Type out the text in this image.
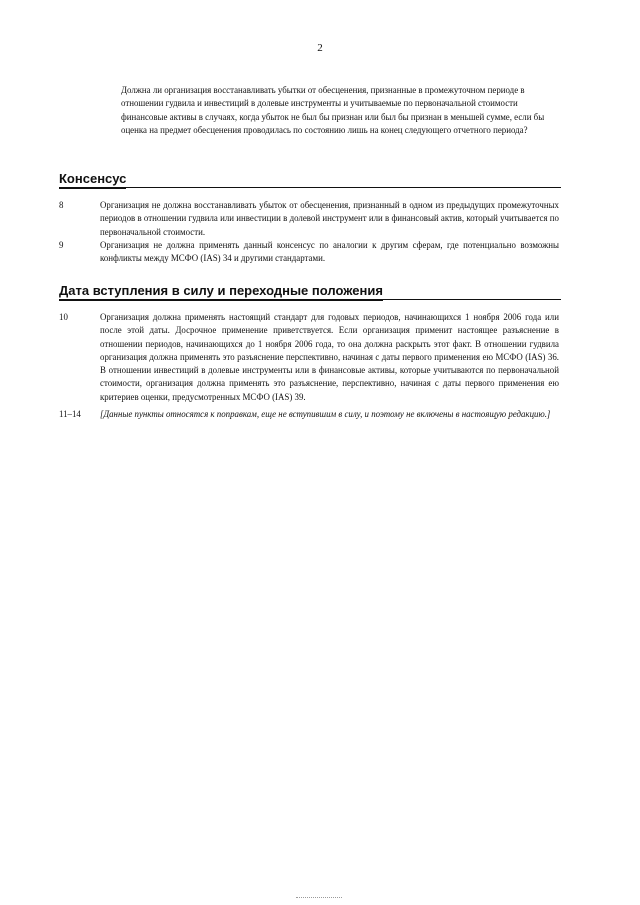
2
Должна ли организация восстанавливать убытки от обесценения, признанные в промежуточном периоде в отношении гудвила и инвестиций в долевые инструменты и учитываемые по первоначальной стоимости финансовые активы в случаях, когда убыток не был бы признан или был бы признан в меньшей сумме, если бы оценка на предмет обесценения проводилась по состоянию лишь на конец следующего отчетного периода?
Консенсус
8	Организация не должна восстанавливать убыток от обесценения, признанный в одном из предыдущих промежуточных периодов в отношении гудвила или инвестиции в долевой инструмент или в финансовый актив, который учитывается по первоначальной стоимости.
9	Организация не должна применять данный консенсус по аналогии к другим сферам, где потенциально возможны конфликты между МСФО (IAS) 34 и другими стандартами.
Дата вступления в силу и переходные положения
10	Организация должна применять настоящий стандарт для годовых периодов, начинающихся 1 ноября 2006 года или после этой даты. Досрочное применение приветствуется. Если организация применит настоящее разъяснение в отношении периодов, начинающихся до 1 ноября 2006 года, то она должна раскрыть этот факт. В отношении гудвила организация должна применять это разъяснение перспективно, начиная с даты первого применения ею МСФО (IAS) 36. В отношении инвестиций в долевые инструменты или в финансовые активы, которые учитываются по первоначальной стоимости, организация должна применять это разъяснение, перспективно, начиная с даты первого применения ею критериев оценки, предусмотренных МСФО (IAS) 39.
11–14	[Данные пункты относятся к поправкам, еще не вступившим в силу, и поэтому не включены в настоящую редакцию.]
